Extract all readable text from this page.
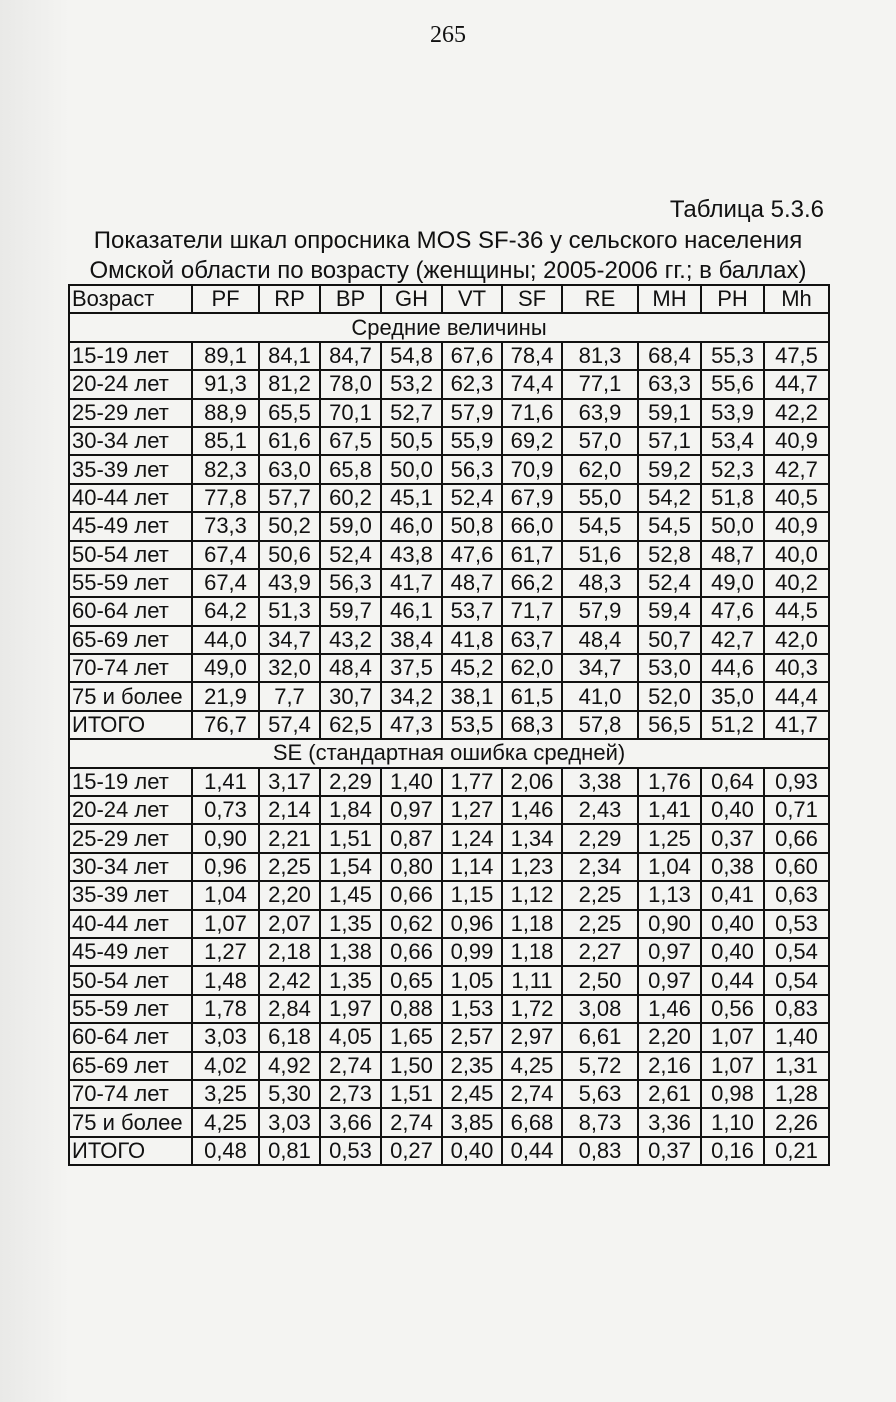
265
Таблица 5.3.6
Показатели шкал опросника MOS SF-36 у сельского населения
Омской области по возрасту (женщины; 2005-2006 гг.; в баллах)
Возраст	PF	RP	BP	GH	VT	SF	RE	MH	PH	Mh
Средние величины										
15-19 лет	89,1	84,1	84,7	54,8	67,6	78,4	81,3	68,4	55,3	47,5
20-24 лет	91,3	81,2	78,0	53,2	62,3	74,4	77,1	63,3	55,6	44,7
25-29 лет	88,9	65,5	70,1	52,7	57,9	71,6	63,9	59,1	53,9	42,2
30-34 лет	85,1	61,6	67,5	50,5	55,9	69,2	57,0	57,1	53,4	40,9
35-39 лет	82,3	63,0	65,8	50,0	56,3	70,9	62,0	59,2	52,3	42,7
40-44 лет	77,8	57,7	60,2	45,1	52,4	67,9	55,0	54,2	51,8	40,5
45-49 лет	73,3	50,2	59,0	46,0	50,8	66,0	54,5	54,5	50,0	40,9
50-54 лет	67,4	50,6	52,4	43,8	47,6	61,7	51,6	52,8	48,7	40,0
55-59 лет	67,4	43,9	56,3	41,7	48,7	66,2	48,3	52,4	49,0	40,2
60-64 лет	64,2	51,3	59,7	46,1	53,7	71,7	57,9	59,4	47,6	44,5
65-69 лет	44,0	34,7	43,2	38,4	41,8	63,7	48,4	50,7	42,7	42,0
70-74 лет	49,0	32,0	48,4	37,5	45,2	62,0	34,7	53,0	44,6	40,3
75 и более	21,9	7,7	30,7	34,2	38,1	61,5	41,0	52,0	35,0	44,4
ИТОГО	76,7	57,4	62,5	47,3	53,5	68,3	57,8	56,5	51,2	41,7
SE (стандартная ошибка средней)										
15-19 лет	1,41	3,17	2,29	1,40	1,77	2,06	3,38	1,76	0,64	0,93
20-24 лет	0,73	2,14	1,84	0,97	1,27	1,46	2,43	1,41	0,40	0,71
25-29 лет	0,90	2,21	1,51	0,87	1,24	1,34	2,29	1,25	0,37	0,66
30-34 лет	0,96	2,25	1,54	0,80	1,14	1,23	2,34	1,04	0,38	0,60
35-39 лет	1,04	2,20	1,45	0,66	1,15	1,12	2,25	1,13	0,41	0,63
40-44 лет	1,07	2,07	1,35	0,62	0,96	1,18	2,25	0,90	0,40	0,53
45-49 лет	1,27	2,18	1,38	0,66	0,99	1,18	2,27	0,97	0,40	0,54
50-54 лет	1,48	2,42	1,35	0,65	1,05	1,11	2,50	0,97	0,44	0,54
55-59 лет	1,78	2,84	1,97	0,88	1,53	1,72	3,08	1,46	0,56	0,83
60-64 лет	3,03	6,18	4,05	1,65	2,57	2,97	6,61	2,20	1,07	1,40
65-69 лет	4,02	4,92	2,74	1,50	2,35	4,25	5,72	2,16	1,07	1,31
70-74 лет	3,25	5,30	2,73	1,51	2,45	2,74	5,63	2,61	0,98	1,28
75 и более	4,25	3,03	3,66	2,74	3,85	6,68	8,73	3,36	1,10	2,26
ИТОГО	0,48	0,81	0,53	0,27	0,40	0,44	0,83	0,37	0,16	0,21
